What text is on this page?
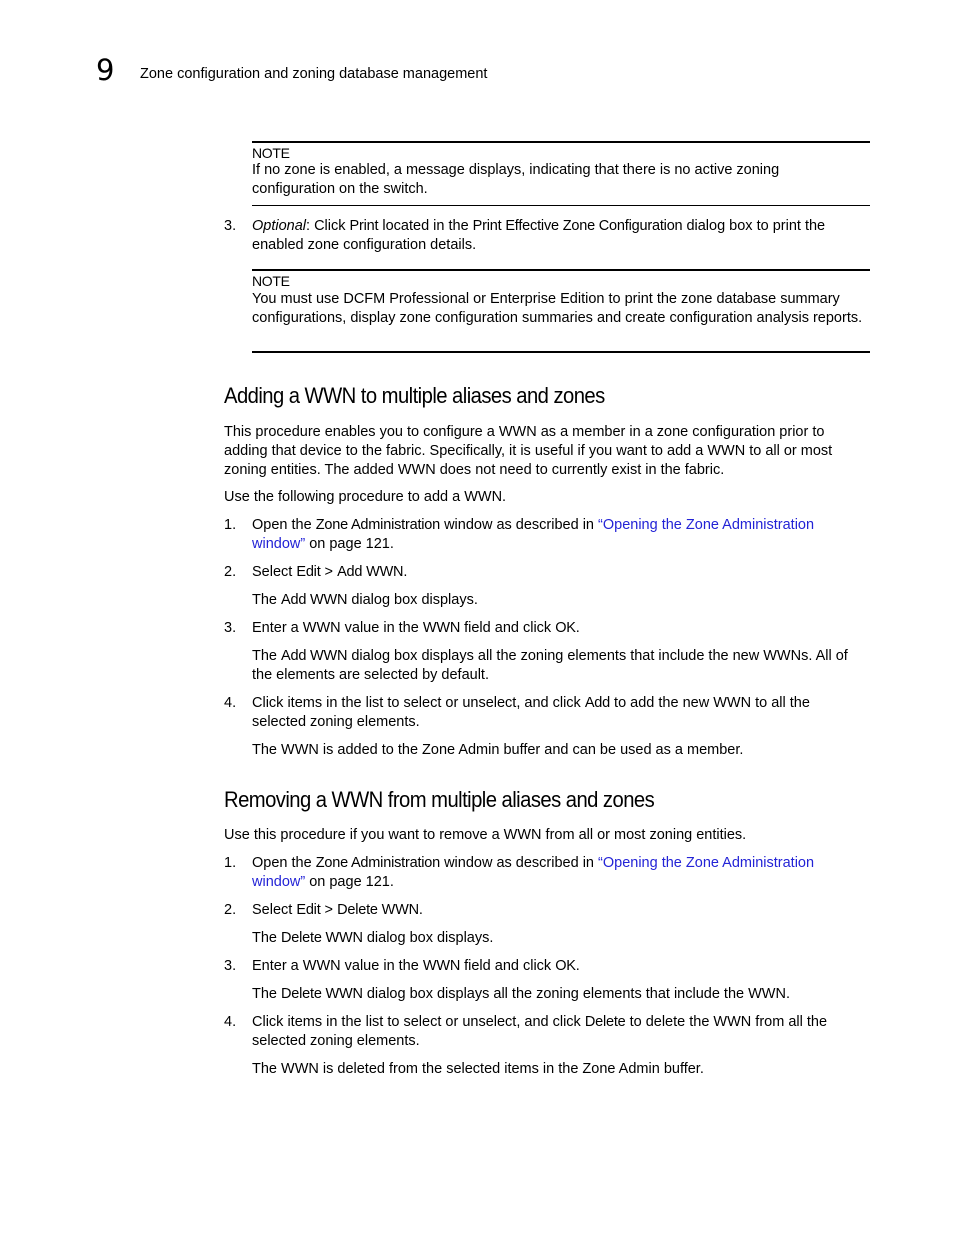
9 Zone configuration and zoning database management
NOTE

If no zone is enabled, a message displays, indicating that there is no active zoning configuration on the switch.

3. Optional: Click Print located in the Print Effective Zone Configuration dialog box to print the enabled zone configuration details.

NOTE

You must use DCFM Professional or Enterprise Edition to print the zone database summary configurations, display zone configuration summaries and create configuration analysis reports.

Adding a WWN to multiple aliases and zones

This procedure enables you to configure a WWN as a member in a zone configuration prior to adding that device to the fabric. Specifically, it is useful if you want to add a WWN to all or most zoning entities. The added WWN does not need to currently exist in the fabric.

Use the following procedure to add a WWN.

1. Open the Zone Administration window as described in “Opening the Zone Administration window” on page 121.

2. Select Edit > Add WWN.

The Add WWN dialog box displays.

3. Enter a WWN value in the WWN field and click OK.

The Add WWN dialog box displays all the zoning elements that include the new WWNs. All of the elements are selected by default.

4. Click items in the list to select or unselect, and click Add to add the new WWN to all the selected zoning elements.

The WWN is added to the Zone Admin buffer and can be used as a member.

Removing a WWN from multiple aliases and zones

Use this procedure if you want to remove a WWN from all or most zoning entities.

1. Open the Zone Administration window as described in “Opening the Zone Administration window” on page 121.

2. Select Edit > Delete WWN.

The Delete WWN dialog box displays.

3. Enter a WWN value in the WWN field and click OK.

The Delete WWN dialog box displays all the zoning elements that include the WWN.

4. Click items in the list to select or unselect, and click Delete to delete the WWN from all the selected zoning elements.

The WWN is deleted from the selected items in the Zone Admin buffer.
